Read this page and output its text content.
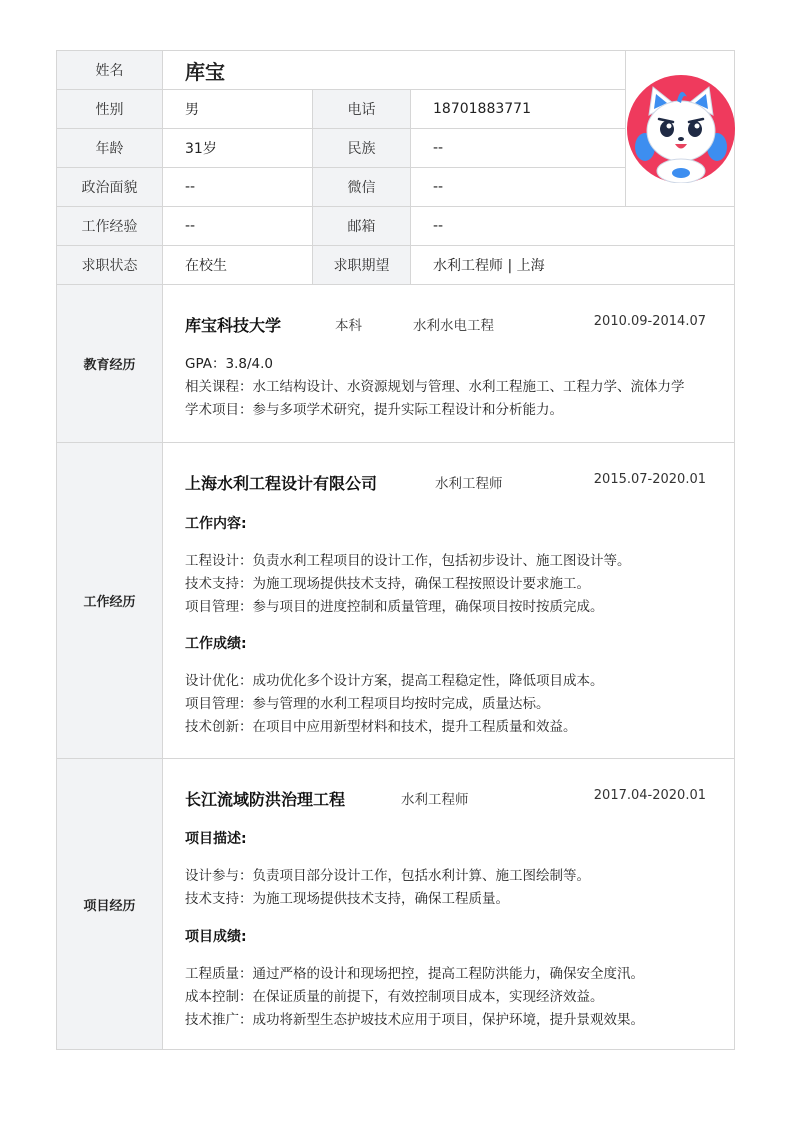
姓名	库宝
性别	男	电话	18701883771
年龄	31岁	民族	--
政治面貌	--	微信	--
工作经验	--	邮箱	--
求职状态	在校生	求职期望	水利工程师 | 上海
教育经历
库宝科技大学	本科	水利水电工程	2010.09-2014.07
GPA：3.8/4.0
相关课程：水工结构设计、水资源规划与管理、水利工程施工、工程力学、流体力学
学术项目：参与多项学术研究，提升实际工程设计和分析能力。
工作经历
上海水利工程设计有限公司	水利工程师	2015.07-2020.01
工作内容:
工程设计：负责水利工程项目的设计工作，包括初步设计、施工图设计等。
技术支持：为施工现场提供技术支持，确保工程按照设计要求施工。
项目管理：参与项目的进度控制和质量管理，确保项目按时按质完成。
工作成绩:
设计优化：成功优化多个设计方案，提高工程稳定性，降低项目成本。
项目管理：参与管理的水利工程项目均按时完成，质量达标。
技术创新：在项目中应用新型材料和技术，提升工程质量和效益。
项目经历
长江流域防洪治理工程	水利工程师	2017.04-2020.01
项目描述:
设计参与：负责项目部分设计工作，包括水利计算、施工图绘制等。
技术支持：为施工现场提供技术支持，确保工程质量。
项目成绩:
工程质量：通过严格的设计和现场把控，提高工程防洪能力，确保安全度汛。
成本控制：在保证质量的前提下，有效控制项目成本，实现经济效益。
技术推广：成功将新型生态护坡技术应用于项目，保护环境，提升景观效果。
